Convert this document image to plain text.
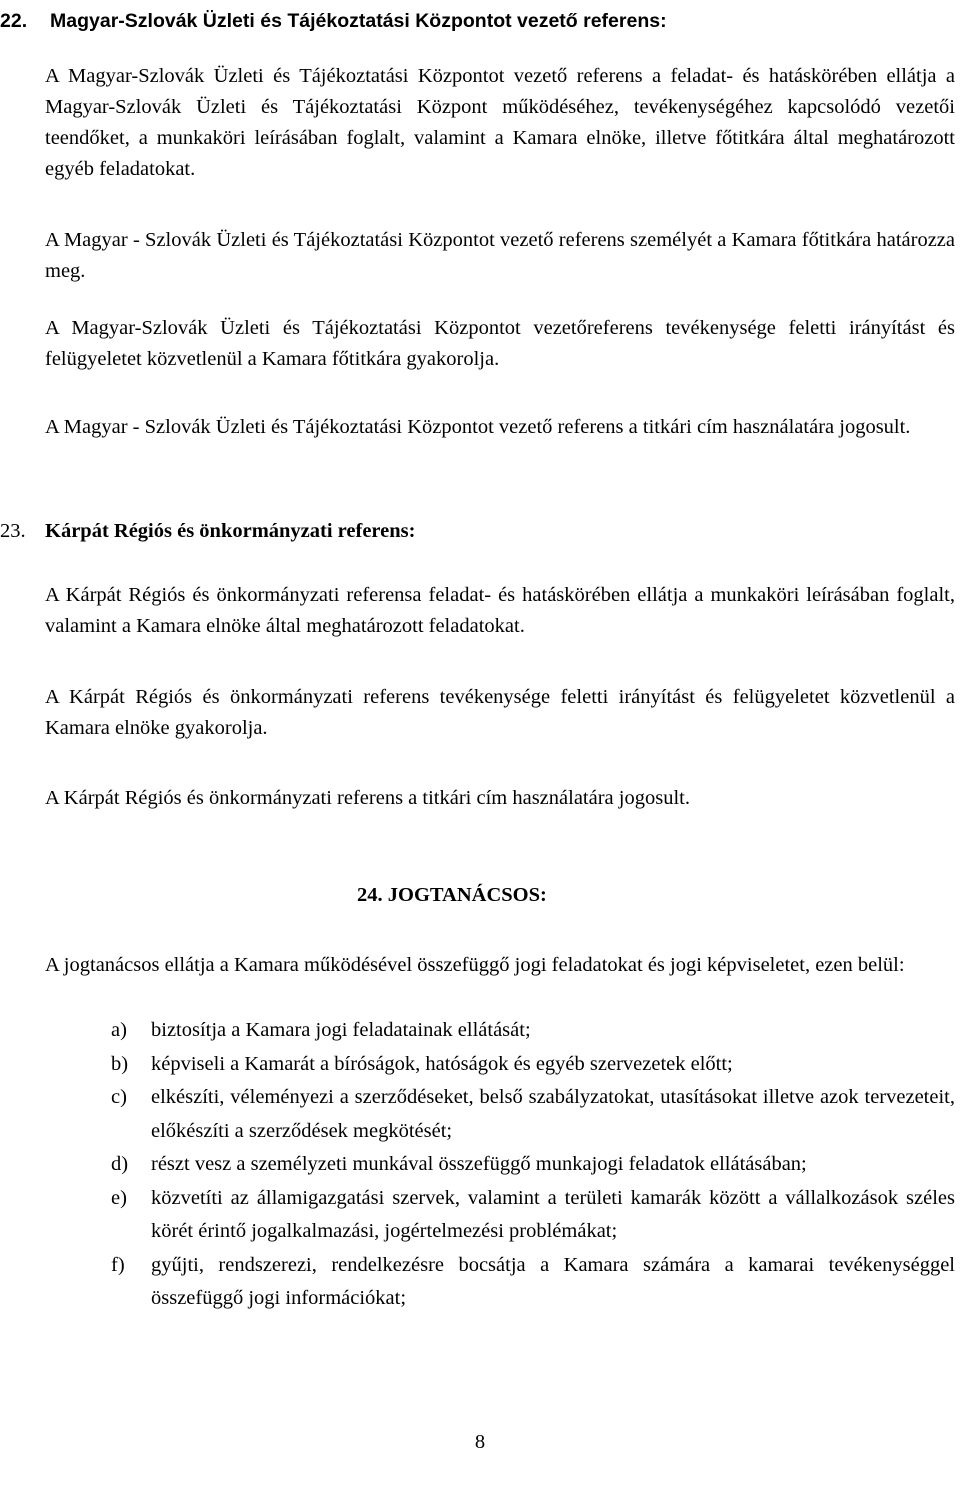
22. Magyar-Szlovák Üzleti és Tájékoztatási Központot vezető referens:

A Magyar-Szlovák Üzleti és Tájékoztatási Központot vezető referens a feladat- és hatáskörében ellátja a Magyar-Szlovák Üzleti és Tájékoztatási Központ működéséhez, tevékenységéhez kapcsolódó vezetői teendőket, a munkaköri leírásában foglalt, valamint a Kamara elnöke, illetve főtitkára által meghatározott egyéb feladatokat.

A Magyar - Szlovák Üzleti és Tájékoztatási Központot vezető referens személyét a Kamara főtitkára határozza meg.

A Magyar-Szlovák Üzleti és Tájékoztatási Központot vezetőreferens tevékenysége feletti irányítást és felügyeletet közvetlenül a Kamara főtitkára gyakorolja.

A Magyar - Szlovák Üzleti és Tájékoztatási Központot vezető referens a titkári cím használatára jogosult.

23. Kárpát Régiós és önkormányzati referens:

A Kárpát Régiós és önkormányzati referensa feladat- és hatáskörében ellátja a munkaköri leírásában foglalt, valamint a Kamara elnöke által meghatározott feladatokat.

A Kárpát Régiós és önkormányzati referens tevékenysége feletti irányítást és felügyeletet közvetlenül a Kamara elnöke gyakorolja.

A Kárpát Régiós és önkormányzati referens a titkári cím használatára jogosult.

24. JOGTANÁCSOS:

A jogtanácsos ellátja a Kamara működésével összefüggő jogi feladatokat és jogi képviseletet, ezen belül:

a) biztosítja a Kamara jogi feladatainak ellátását;
b) képviseli a Kamarát a bíróságok, hatóságok és egyéb szervezetek előtt;
c) elkészíti, véleményezi a szerződéseket, belső szabályzatokat, utasításokat illetve azok tervezeteit, előkészíti a szerződések megkötését;
d) részt vesz a személyzeti munkával összefüggő munkajogi feladatok ellátásában;
e) közvetíti az államigazgatási szervek, valamint a területi kamarák között a vállalkozások széles körét érintő jogalkalmazási, jogértelmezési problémákat;
f) gyűjti, rendszerezi, rendelkezésre bocsátja a Kamara számára a kamarai tevékenységgel összefüggő jogi információkat;
8
